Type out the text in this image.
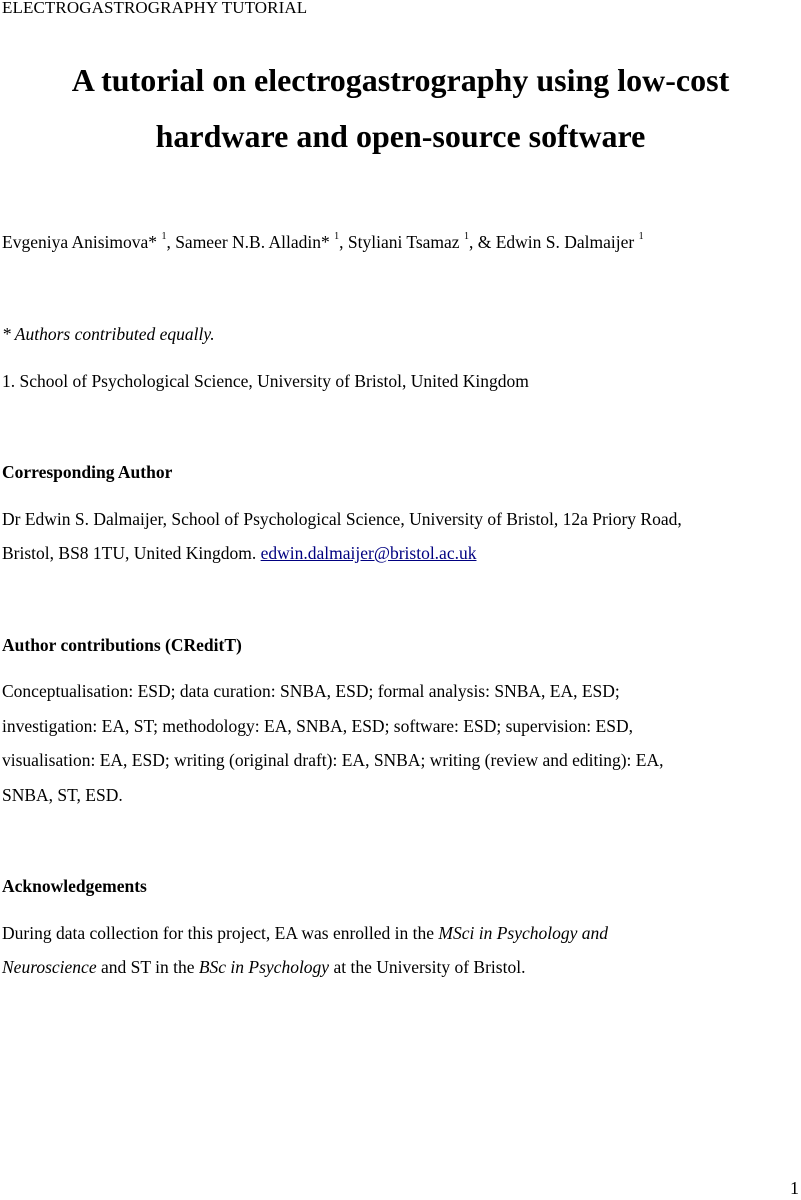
ELECTROGASTROGRAPHY TUTORIAL
A tutorial on electrogastrography using low-cost
hardware and open-source software
Evgeniya Anisimova* $^1$, Sameer N.B. Alladin* $^1$, Styliani Tsamaz $^1$, & Edwin S. Dalmaijer $^1$
* Authors contributed equally.
1. School of Psychological Science, University of Bristol, United Kingdom
Corresponding Author
Dr Edwin S. Dalmaijer, School of Psychological Science, University of Bristol, 12a Priory Road,
Bristol, BS8 1TU, United Kingdom. edwin.dalmaijer@bristol.ac.uk
Author contributions (CReditT)
Conceptualisation: ESD; data curation: SNBA, ESD; formal analysis: SNBA, EA, ESD;
investigation: EA, ST; methodology: EA, SNBA, ESD; software: ESD; supervision: ESD,
visualisation: EA, ESD; writing (original draft): EA, SNBA; writing (review and editing): EA,
SNBA, ST, ESD.
Acknowledgements
During data collection for this project, EA was enrolled in the MSci in Psychology and
Neuroscience and ST in the BSc in Psychology at the University of Bristol.
1
